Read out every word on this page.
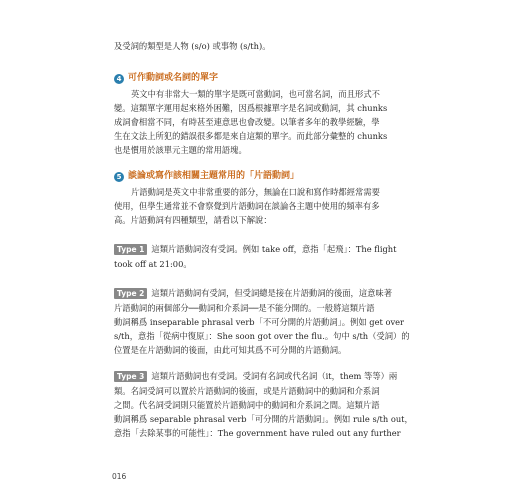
及受詞的類型是人物 (s/o) 或事物 (s/th)。
4 可作動詞或名詞的單字
英文中有非常大一類的單字是既可當動詞，也可當名詞，而且形式不
變。這類單字運用起來格外困難，因爲根據單字是名詞或動詞，其 chunks
成詞會相當不同，有時甚至連意思也會改變。以筆者多年的教學經驗，學
生在文法上所犯的錯誤很多都是來自這類的單字。而此部分彙整的 chunks
也是慣用於該單元主題的常用語塊。
5 談論或寫作該相關主題常用的「片語動詞」
片語動詞是英文中非常重要的部分，無論在口說和寫作時都經常需要
使用，但學生通常並不會察覺到片語動詞在談論各主題中使用的頻率有多
高。片語動詞有四種類型，請看以下解說：
Type 1 這類片語動詞沒有受詞。例如 take off，意指「起飛」：The flight
took off at 21:00。
Type 2 這類片語動詞有受詞，但受詞總是接在片語動詞的後面，這意味著
片語動詞的兩個部分──動詞和介系詞──是不能分開的。一般將這類片語
動詞稱爲 inseparable phrasal verb「不可分開的片語動詞」。例如 get over
s/th，意指「從病中復原」：She soon got over the flu.。句中 s/th（受詞）的
位置是在片語動詞的後面，由此可知其爲不可分開的片語動詞。
Type 3 這類片語動詞也有受詞。受詞有名詞或代名詞（it，them 等等）兩
類。名詞受詞可以置於片語動詞的後面，或是片語動詞中的動詞和介系詞
之間。代名詞受詞則只能置於片語動詞中的動詞和介系詞之間。這類片語
動詞稱爲 separable phrasal verb「可分開的片語動詞」。例如 rule s/th out，
意指「去除某事的可能性」：The government have ruled out any further
016
